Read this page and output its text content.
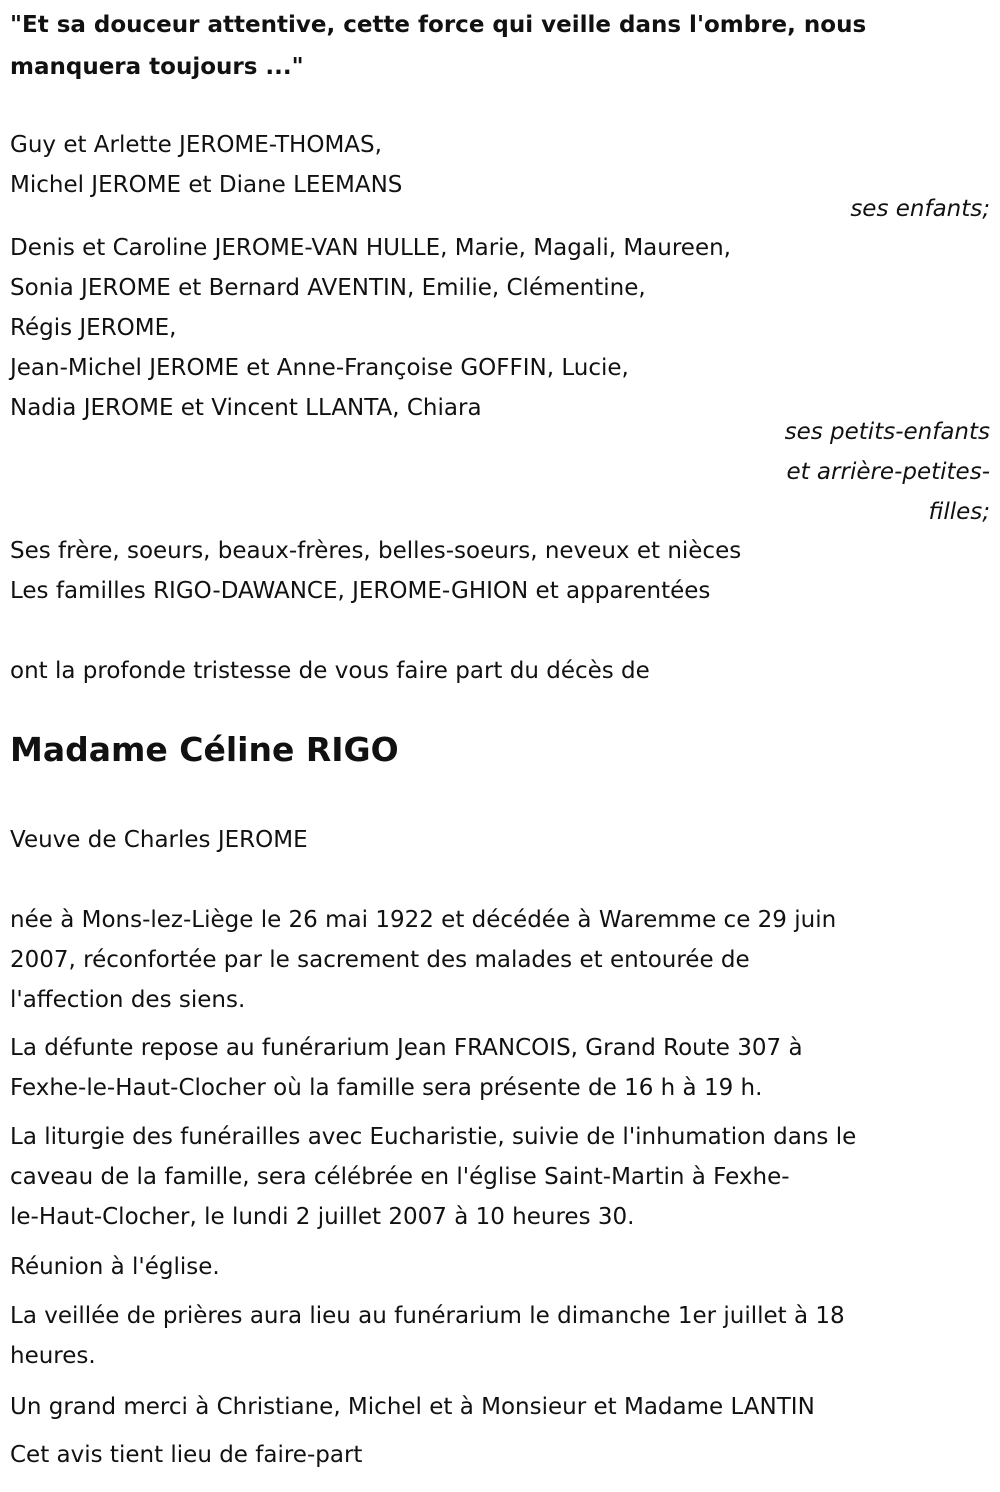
"Et sa douceur attentive, cette force qui veille dans l'ombre, nous
manquera toujours ..."
Guy et Arlette JEROME-THOMAS,
Michel JEROME et Diane LEEMANS
ses enfants;
Denis et Caroline JEROME-VAN HULLE, Marie, Magali, Maureen,
Sonia JEROME et Bernard AVENTIN, Emilie, Clémentine,
Régis JEROME,
Jean-Michel JEROME et Anne-Françoise GOFFIN, Lucie,
Nadia JEROME et Vincent LLANTA, Chiara
ses petits-enfants
et arrière-petites-
filles;
Ses frère, soeurs, beaux-frères, belles-soeurs, neveux et nièces
Les familles RIGO-DAWANCE, JEROME-GHION et apparentées
ont la profonde tristesse de vous faire part du décès de
Madame Céline RIGO
Veuve de Charles JEROME
née à Mons-lez-Liège le 26 mai 1922 et décédée à Waremme ce 29 juin
2007, réconfortée par le sacrement des malades et entourée de
l'affection des siens.
La défunte repose au funérarium Jean FRANCOIS, Grand Route 307 à
Fexhe-le-Haut-Clocher où la famille sera présente de 16 h à 19 h.
La liturgie des funérailles avec Eucharistie, suivie de l'inhumation dans le
caveau de la famille, sera célébrée en l'église Saint-Martin à Fexhe-
le-Haut-Clocher, le lundi 2 juillet 2007 à 10 heures 30.
Réunion à l'église.
La veillée de prières aura lieu au funérarium le dimanche 1er juillet à 18
heures.
Un grand merci à Christiane, Michel et à Monsieur et Madame LANTIN
Cet avis tient lieu de faire-part
